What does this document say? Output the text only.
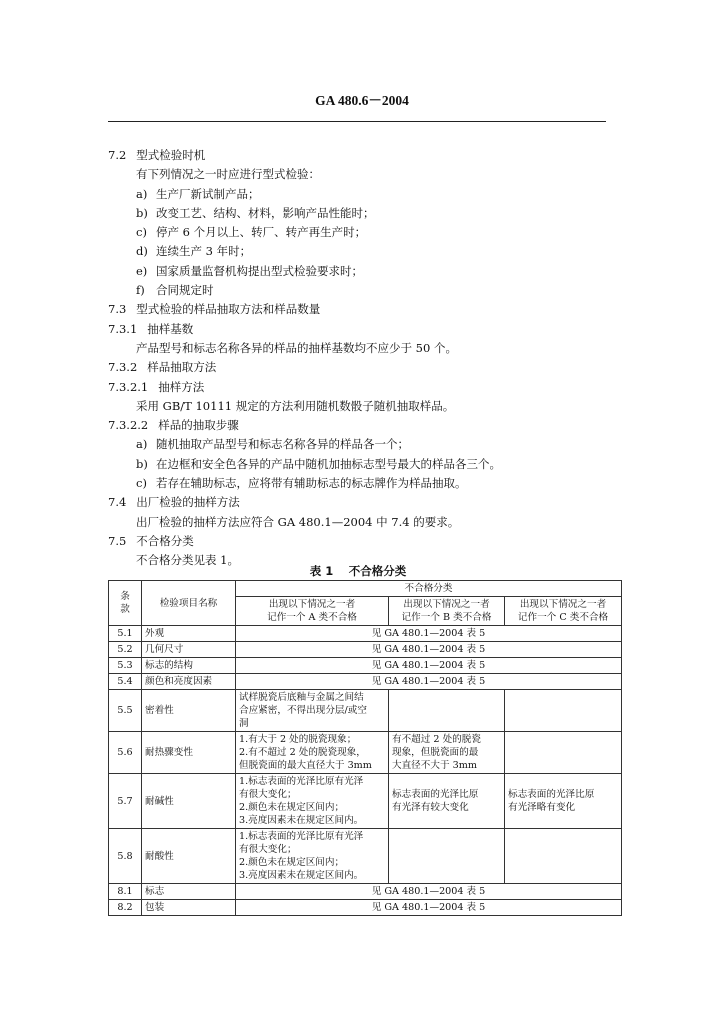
GA 480.6－2004
7.2 型式检验时机
有下列情况之一时应进行型式检验：
a) 生产厂新试制产品；
b) 改变工艺、结构、材料，影响产品性能时；
c) 停产 6 个月以上、转厂、转产再生产时；
d) 连续生产 3 年时；
e) 国家质量监督机构提出型式检验要求时；
f) 合同规定时
7.3 型式检验的样品抽取方法和样品数量
7.3.1 抽样基数
产品型号和标志名称各异的样品的抽样基数均不应少于 50 个。
7.3.2 样品抽取方法
7.3.2.1 抽样方法
采用 GB/T 10111 规定的方法利用随机数骰子随机抽取样品。
7.3.2.2 样品的抽取步骤
a) 随机抽取产品型号和标志名称各异的样品各一个；
b) 在边框和安全色各异的产品中随机加抽标志型号最大的样品各三个。
c) 若存在辅助标志，应将带有辅助标志的标志牌作为样品抽取。
7.4 出厂检验的抽样方法
出厂检验的抽样方法应符合 GA 480.1—2004 中 7.4 的要求。
7.5 不合格分类
不合格分类见表 1。
表 1　 不合格分类
条
款	检验项目名称	不合格分类		
		出现以下情况之一者
记作一个 A 类不合格	出现以下情况之一者
记作一个 B 类不合格	出现以下情况之一者
记作一个 C 类不合格
5.1	外观	见 GA 480.1—2004 表 5		
5.2	几何尺寸	见 GA 480.1—2004 表 5		
5.3	标志的结构	见 GA 480.1—2004 表 5		
5.4	颜色和亮度因素	见 GA 480.1—2004 表 5		
5.5	密着性	试样脱瓷后底釉与金属之间结
合应紧密，不得出现分层/或空
洞		
5.6	耐热骤变性	1.有大于 2 处的脱瓷现象；
2.有不超过 2 处的脱瓷现象，
但脱瓷面的最大直径大于 3mm	有不超过 2 处的脱瓷
现象，但脱瓷面的最
大直径不大于 3mm	
5.7	耐碱性	1.标志表面的光泽比原有光泽
有很大变化；
2.颜色未在规定区间内；
3.亮度因素未在规定区间内。	标志表面的光泽比原
有光泽有较大变化	标志表面的光泽比原
有光泽略有变化
5.8	耐酸性	1.标志表面的光泽比原有光泽
有很大变化；
2.颜色未在规定区间内；
3.亮度因素未在规定区间内。		
8.1	标志	见 GA 480.1—2004 表 5		
8.2	包装	见 GA 480.1—2004 表 5		
